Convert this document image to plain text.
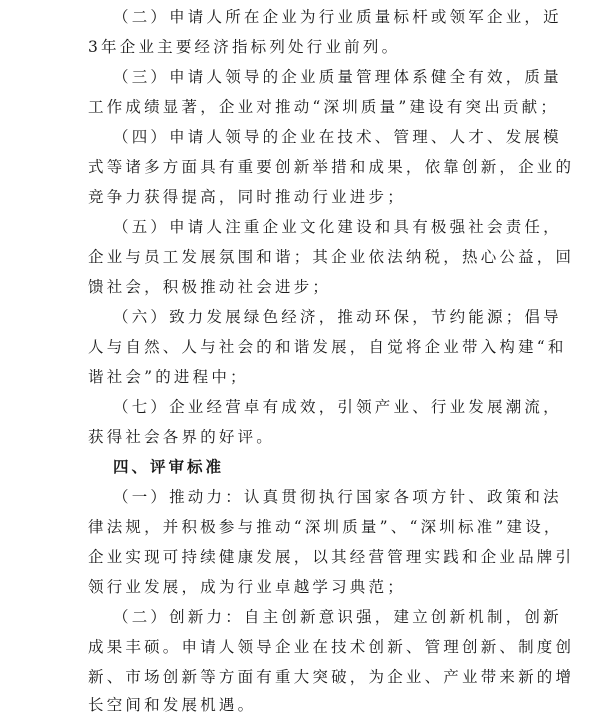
（二）申请人所在企业为行业质量标杆或领军企业，近
3年企业主要经济指标列处行业前列。
（三）申请人领导的企业质量管理体系健全有效，质量
工作成绩显著，企业对推动“深圳质量”建设有突出贡献；
（四）申请人领导的企业在技术、管理、人才、发展模
式等诸多方面具有重要创新举措和成果，依靠创新，企业的
竞争力获得提高，同时推动行业进步；
（五）申请人注重企业文化建设和具有极强社会责任，
企业与员工发展氛围和谐；其企业依法纳税，热心公益，回
馈社会，积极推动社会进步；
（六）致力发展绿色经济，推动环保，节约能源；倡导
人与自然、人与社会的和谐发展，自觉将企业带入构建“和
谐社会”的进程中；
（七）企业经营卓有成效，引领产业、行业发展潮流，
获得社会各界的好评。
四、评审标准
（一）推动力：认真贯彻执行国家各项方针、政策和法
律法规，并积极参与推动“深圳质量”、“深圳标准”建设，
企业实现可持续健康发展，以其经营管理实践和企业品牌引
领行业发展，成为行业卓越学习典范；
（二）创新力：自主创新意识强，建立创新机制，创新
成果丰硕。申请人领导企业在技术创新、管理创新、制度创
新、市场创新等方面有重大突破，为企业、产业带来新的增
长空间和发展机遇。
